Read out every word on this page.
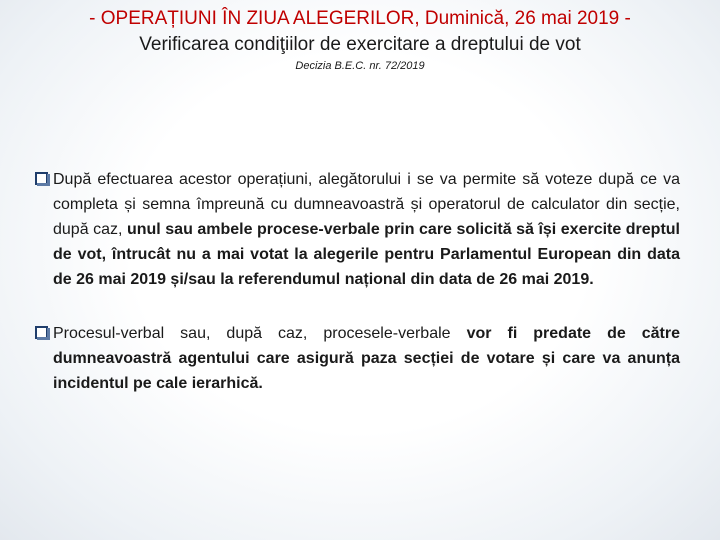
- OPERAȚIUNI ÎN ZIUA ALEGERILOR, Duminică, 26 mai 2019 -
Verificarea condiţiilor de exercitare a dreptului de vot
Decizia B.E.C. nr. 72/2019
După efectuarea acestor operațiuni, alegătorului i se va permite să voteze după ce va completa și semna împreună cu dumneavoastră și operatorul de calculator din secție, după caz, unul sau ambele procese-verbale prin care solicită să își exercite dreptul de vot, întrucât nu a mai votat la alegerile pentru Parlamentul European din data de 26 mai 2019 și/sau la referendumul național din data de 26 mai 2019.
Procesul-verbal sau, după caz, procesele-verbale vor fi predate de către dumneavoastră agentului care asigură paza secției de votare și care va anunța incidentul pe cale ierarhică.
